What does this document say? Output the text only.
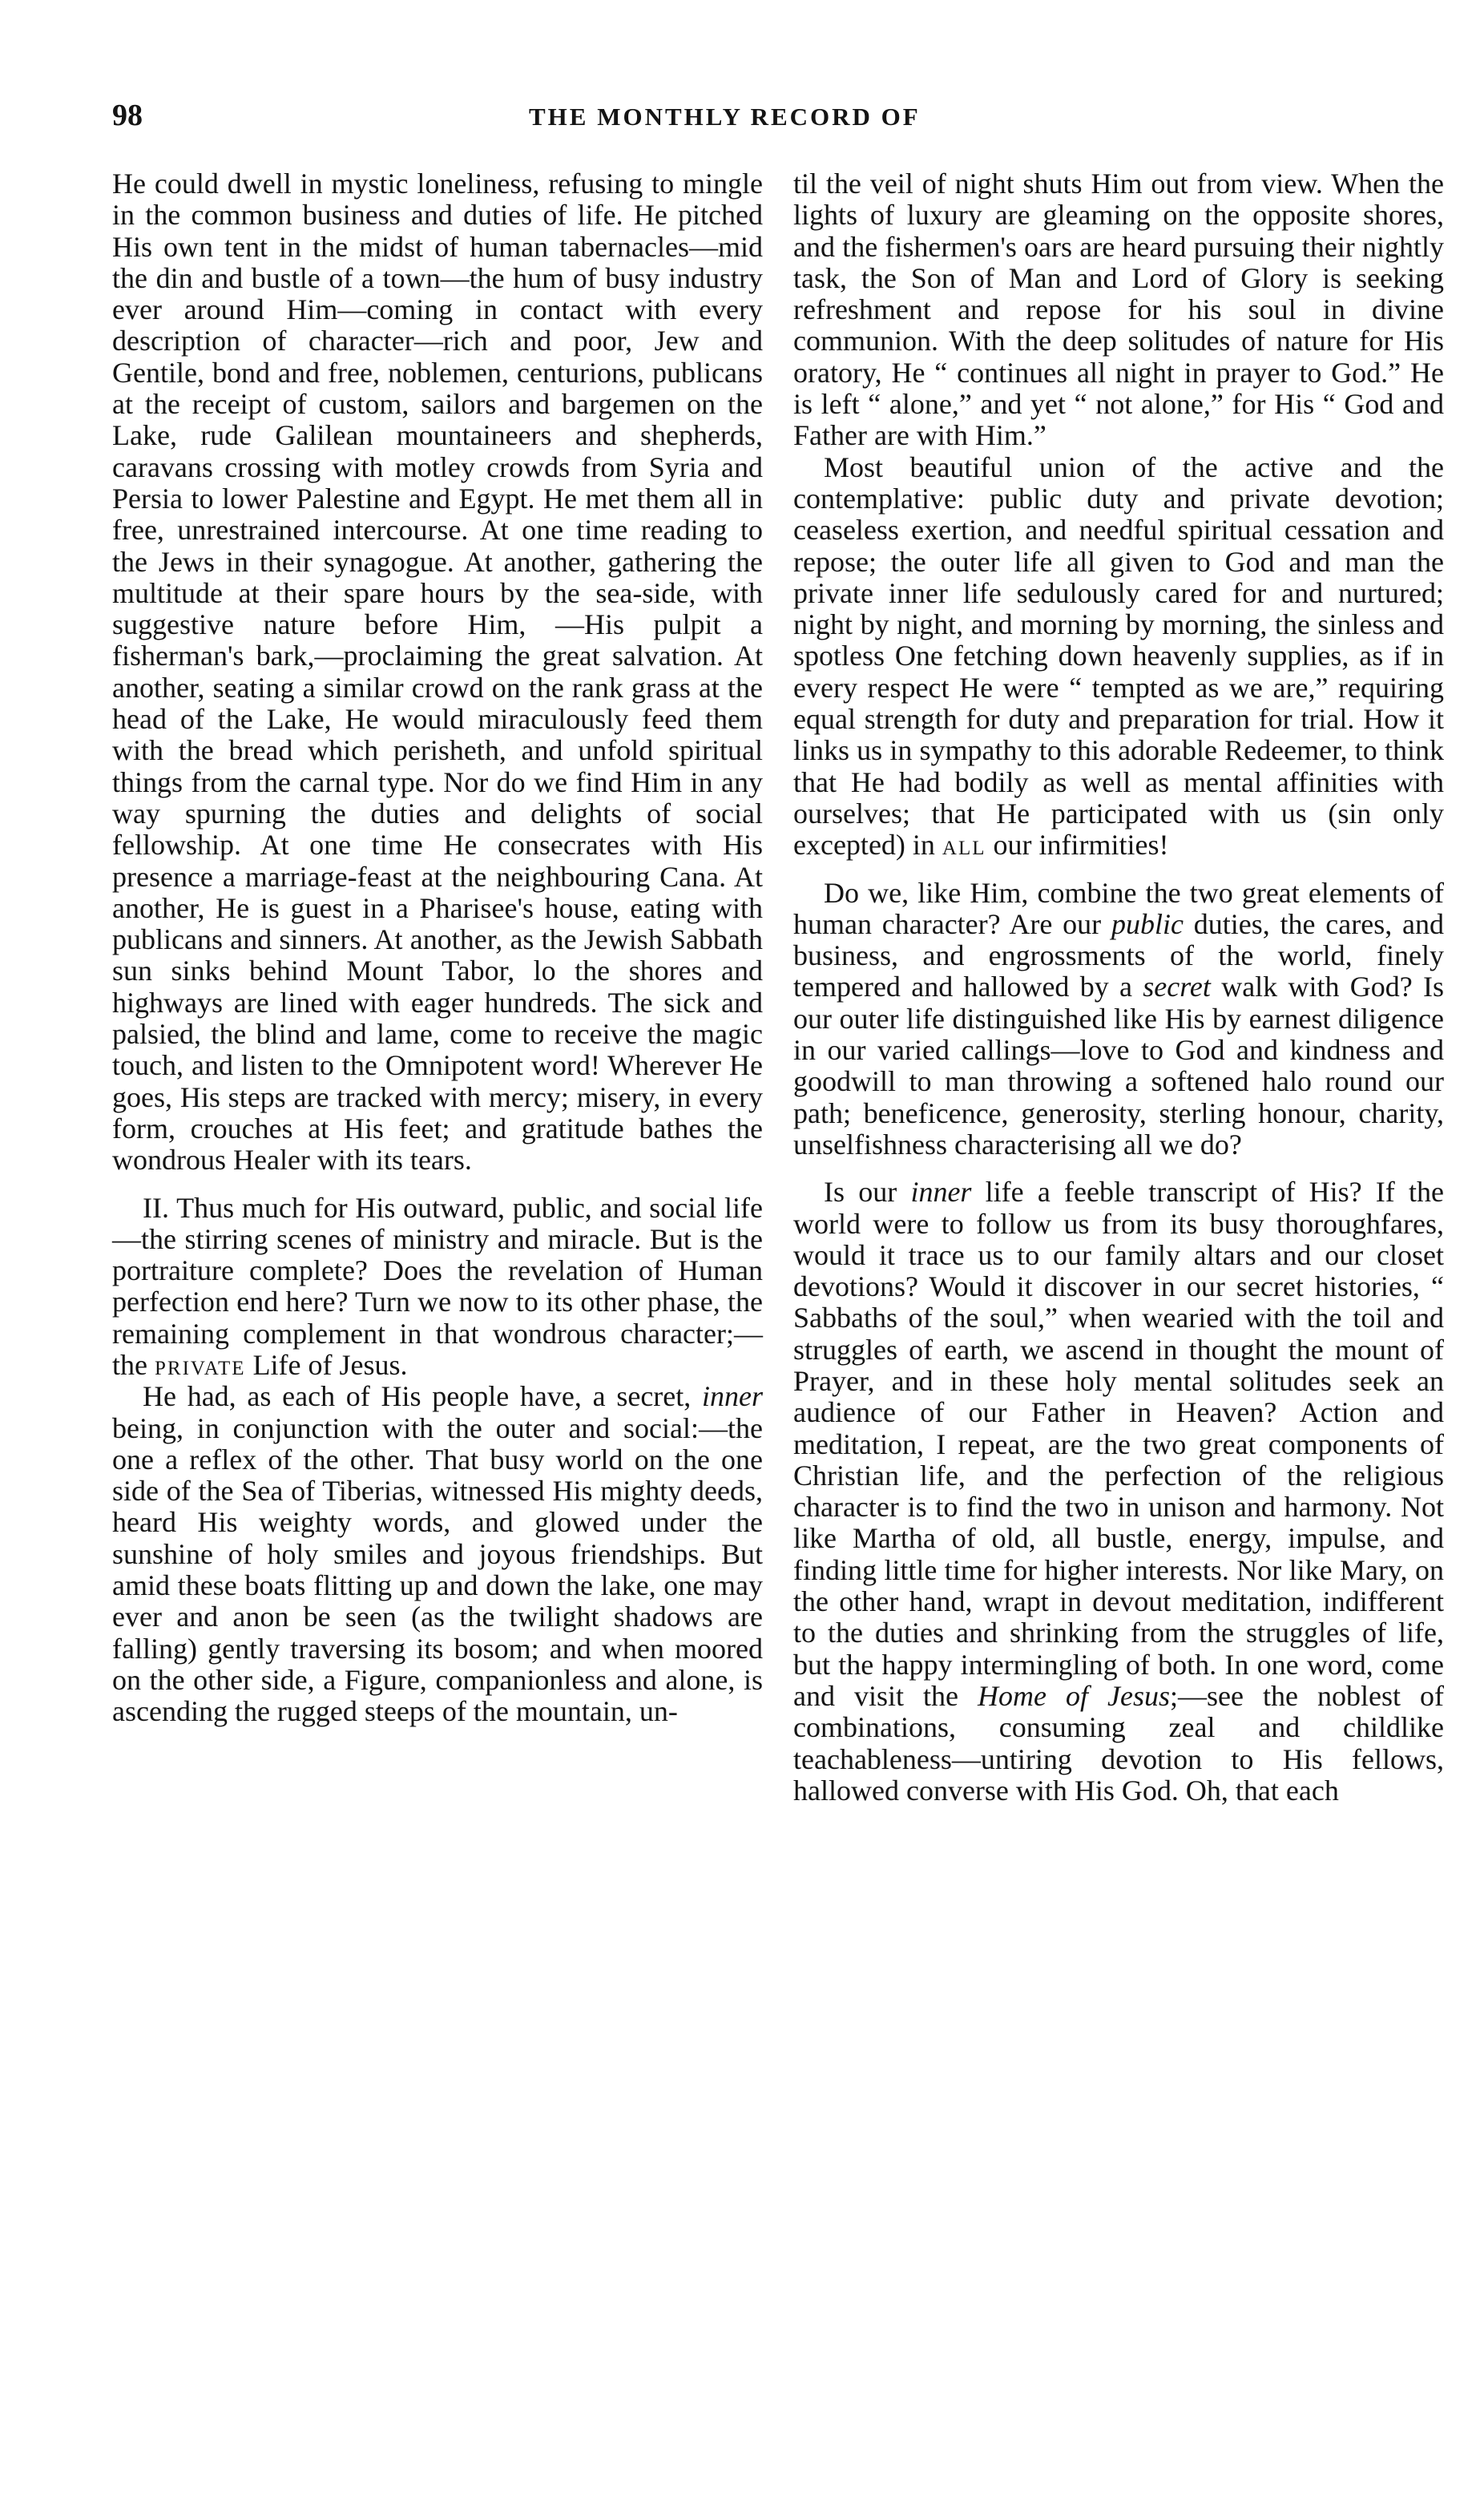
98	THE MONTHLY RECORD OF

He could dwell in mystic loneliness, refusing to mingle in the common business and duties of life. He pitched His own tent in the midst of human tabernacles—mid the din and bustle of a town—the hum of busy industry ever around Him—coming in contact with every description of character—rich and poor, Jew and Gentile, bond and free, noblemen, centurions, publicans at the receipt of custom, sailors and bargemen on the Lake, rude Galilean mountaineers and shepherds, caravans crossing with motley crowds from Syria and Persia to lower Palestine and Egypt. He met them all in free, unrestrained intercourse. At one time reading to the Jews in their synagogue. At another, gathering the multitude at their spare hours by the sea-side, with suggestive nature before Him, —His pulpit a fisherman's bark,—proclaiming the great salvation. At another, seating a similar crowd on the rank grass at the head of the Lake, He would miraculously feed them with the bread which perisheth, and unfold spiritual things from the carnal type. Nor do we find Him in any way spurning the duties and delights of social fellowship. At one time He consecrates with His presence a marriage-feast at the neighbouring Cana. At another, He is guest in a Pharisee's house, eating with publicans and sinners. At another, as the Jewish Sabbath sun sinks behind Mount Tabor, lo the shores and highways are lined with eager hundreds. The sick and palsied, the blind and lame, come to receive the magic touch, and listen to the Omnipotent word! Wherever He goes, His steps are tracked with mercy; misery, in every form, crouches at His feet; and gratitude bathes the wondrous Healer with its tears.

II. Thus much for His outward, public, and social life—the stirring scenes of ministry and miracle. But is the portraiture complete? Does the revelation of Human perfection end here? Turn we now to its other phase, the remaining complement in that wondrous character;—the private Life of Jesus.

He had, as each of His people have, a secret, inner being, in conjunction with the outer and social:—the one a reflex of the other. That busy world on the one side of the Sea of Tiberias, witnessed His mighty deeds, heard His weighty words, and glowed under the sunshine of holy smiles and joyous friendships. But amid these boats flitting up and down the lake, one may ever and anon be seen (as the twilight shadows are falling) gently traversing its bosom; and when moored on the other side, a Figure, companionless and alone, is ascending the rugged steeps of the mountain, un-

til the veil of night shuts Him out from view. When the lights of luxury are gleaming on the opposite shores, and the fishermen's oars are heard pursuing their nightly task, the Son of Man and Lord of Glory is seeking refreshment and repose for his soul in divine communion. With the deep solitudes of nature for His oratory, He “ continues all night in prayer to God.” He is left “ alone,” and yet “ not alone,” for His “ God and Father are with Him.”

Most beautiful union of the active and the contemplative: public duty and private devotion; ceaseless exertion, and needful spiritual cessation and repose; the outer life all given to God and man the private inner life sedulously cared for and nurtured; night by night, and morning by morning, the sinless and spotless One fetching down heavenly supplies, as if in every respect He were “ tempted as we are,” requiring equal strength for duty and preparation for trial. How it links us in sympathy to this adorable Redeemer, to think that He had bodily as well as mental affinities with ourselves; that He participated with us (sin only excepted) in all our infirmities!

Do we, like Him, combine the two great elements of human character? Are our public duties, the cares, and business, and engrossments of the world, finely tempered and hallowed by a secret walk with God? Is our outer life distinguished like His by earnest diligence in our varied callings—love to God and kindness and goodwill to man throwing a softened halo round our path; beneficence, generosity, sterling honour, charity, unselfishness characterising all we do?

Is our inner life a feeble transcript of His? If the world were to follow us from its busy thoroughfares, would it trace us to our family altars and our closet devotions? Would it discover in our secret histories, “ Sabbaths of the soul,” when wearied with the toil and struggles of earth, we ascend in thought the mount of Prayer, and in these holy mental solitudes seek an audience of our Father in Heaven? Action and meditation, I repeat, are the two great components of Christian life, and the perfection of the religious character is to find the two in unison and harmony. Not like Martha of old, all bustle, energy, impulse, and finding little time for higher interests. Nor like Mary, on the other hand, wrapt in devout meditation, indifferent to the duties and shrinking from the struggles of life, but the happy intermingling of both. In one word, come and visit the Home of Jesus;—see the noblest of combinations, consuming zeal and childlike teachableness—untiring devotion to His fellows, hallowed converse with His God. Oh, that each
